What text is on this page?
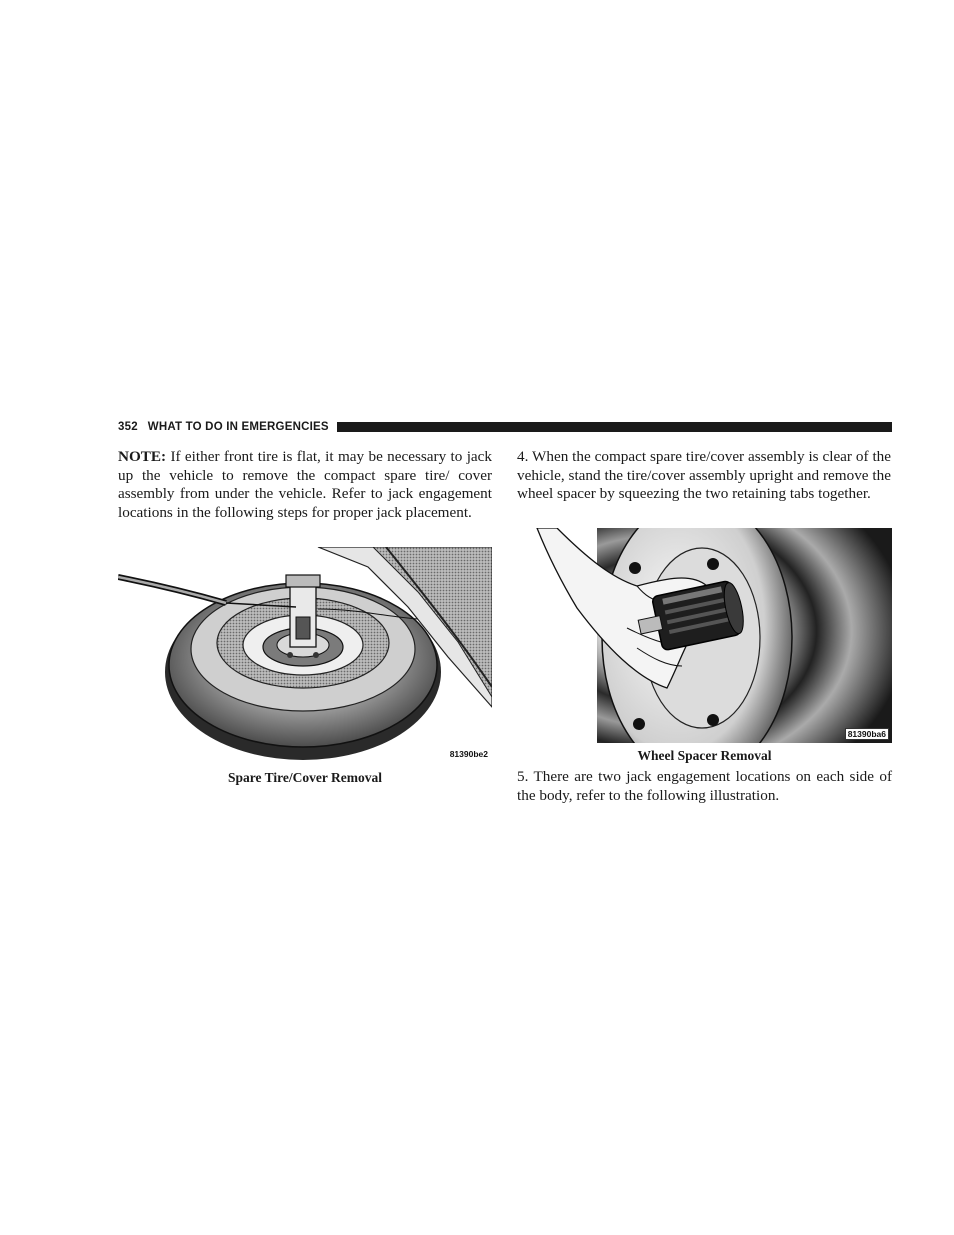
352 WHAT TO DO IN EMERGENCIES

NOTE: If either front tire is flat, it may be necessary to jack up the vehicle to remove the compact spare tire/ cover assembly from under the vehicle. Refer to jack engagement locations in the following steps for proper jack placement.

4. When the compact spare tire/cover assembly is clear of the vehicle, stand the tire/cover assembly upright and remove the wheel spacer by squeezing the two retaining tabs together.

81390be2
Spare Tire/Cover Removal
81390ba6
Wheel Spacer Removal

5. There are two jack engagement locations on each side of the body, refer to the following illustration.
